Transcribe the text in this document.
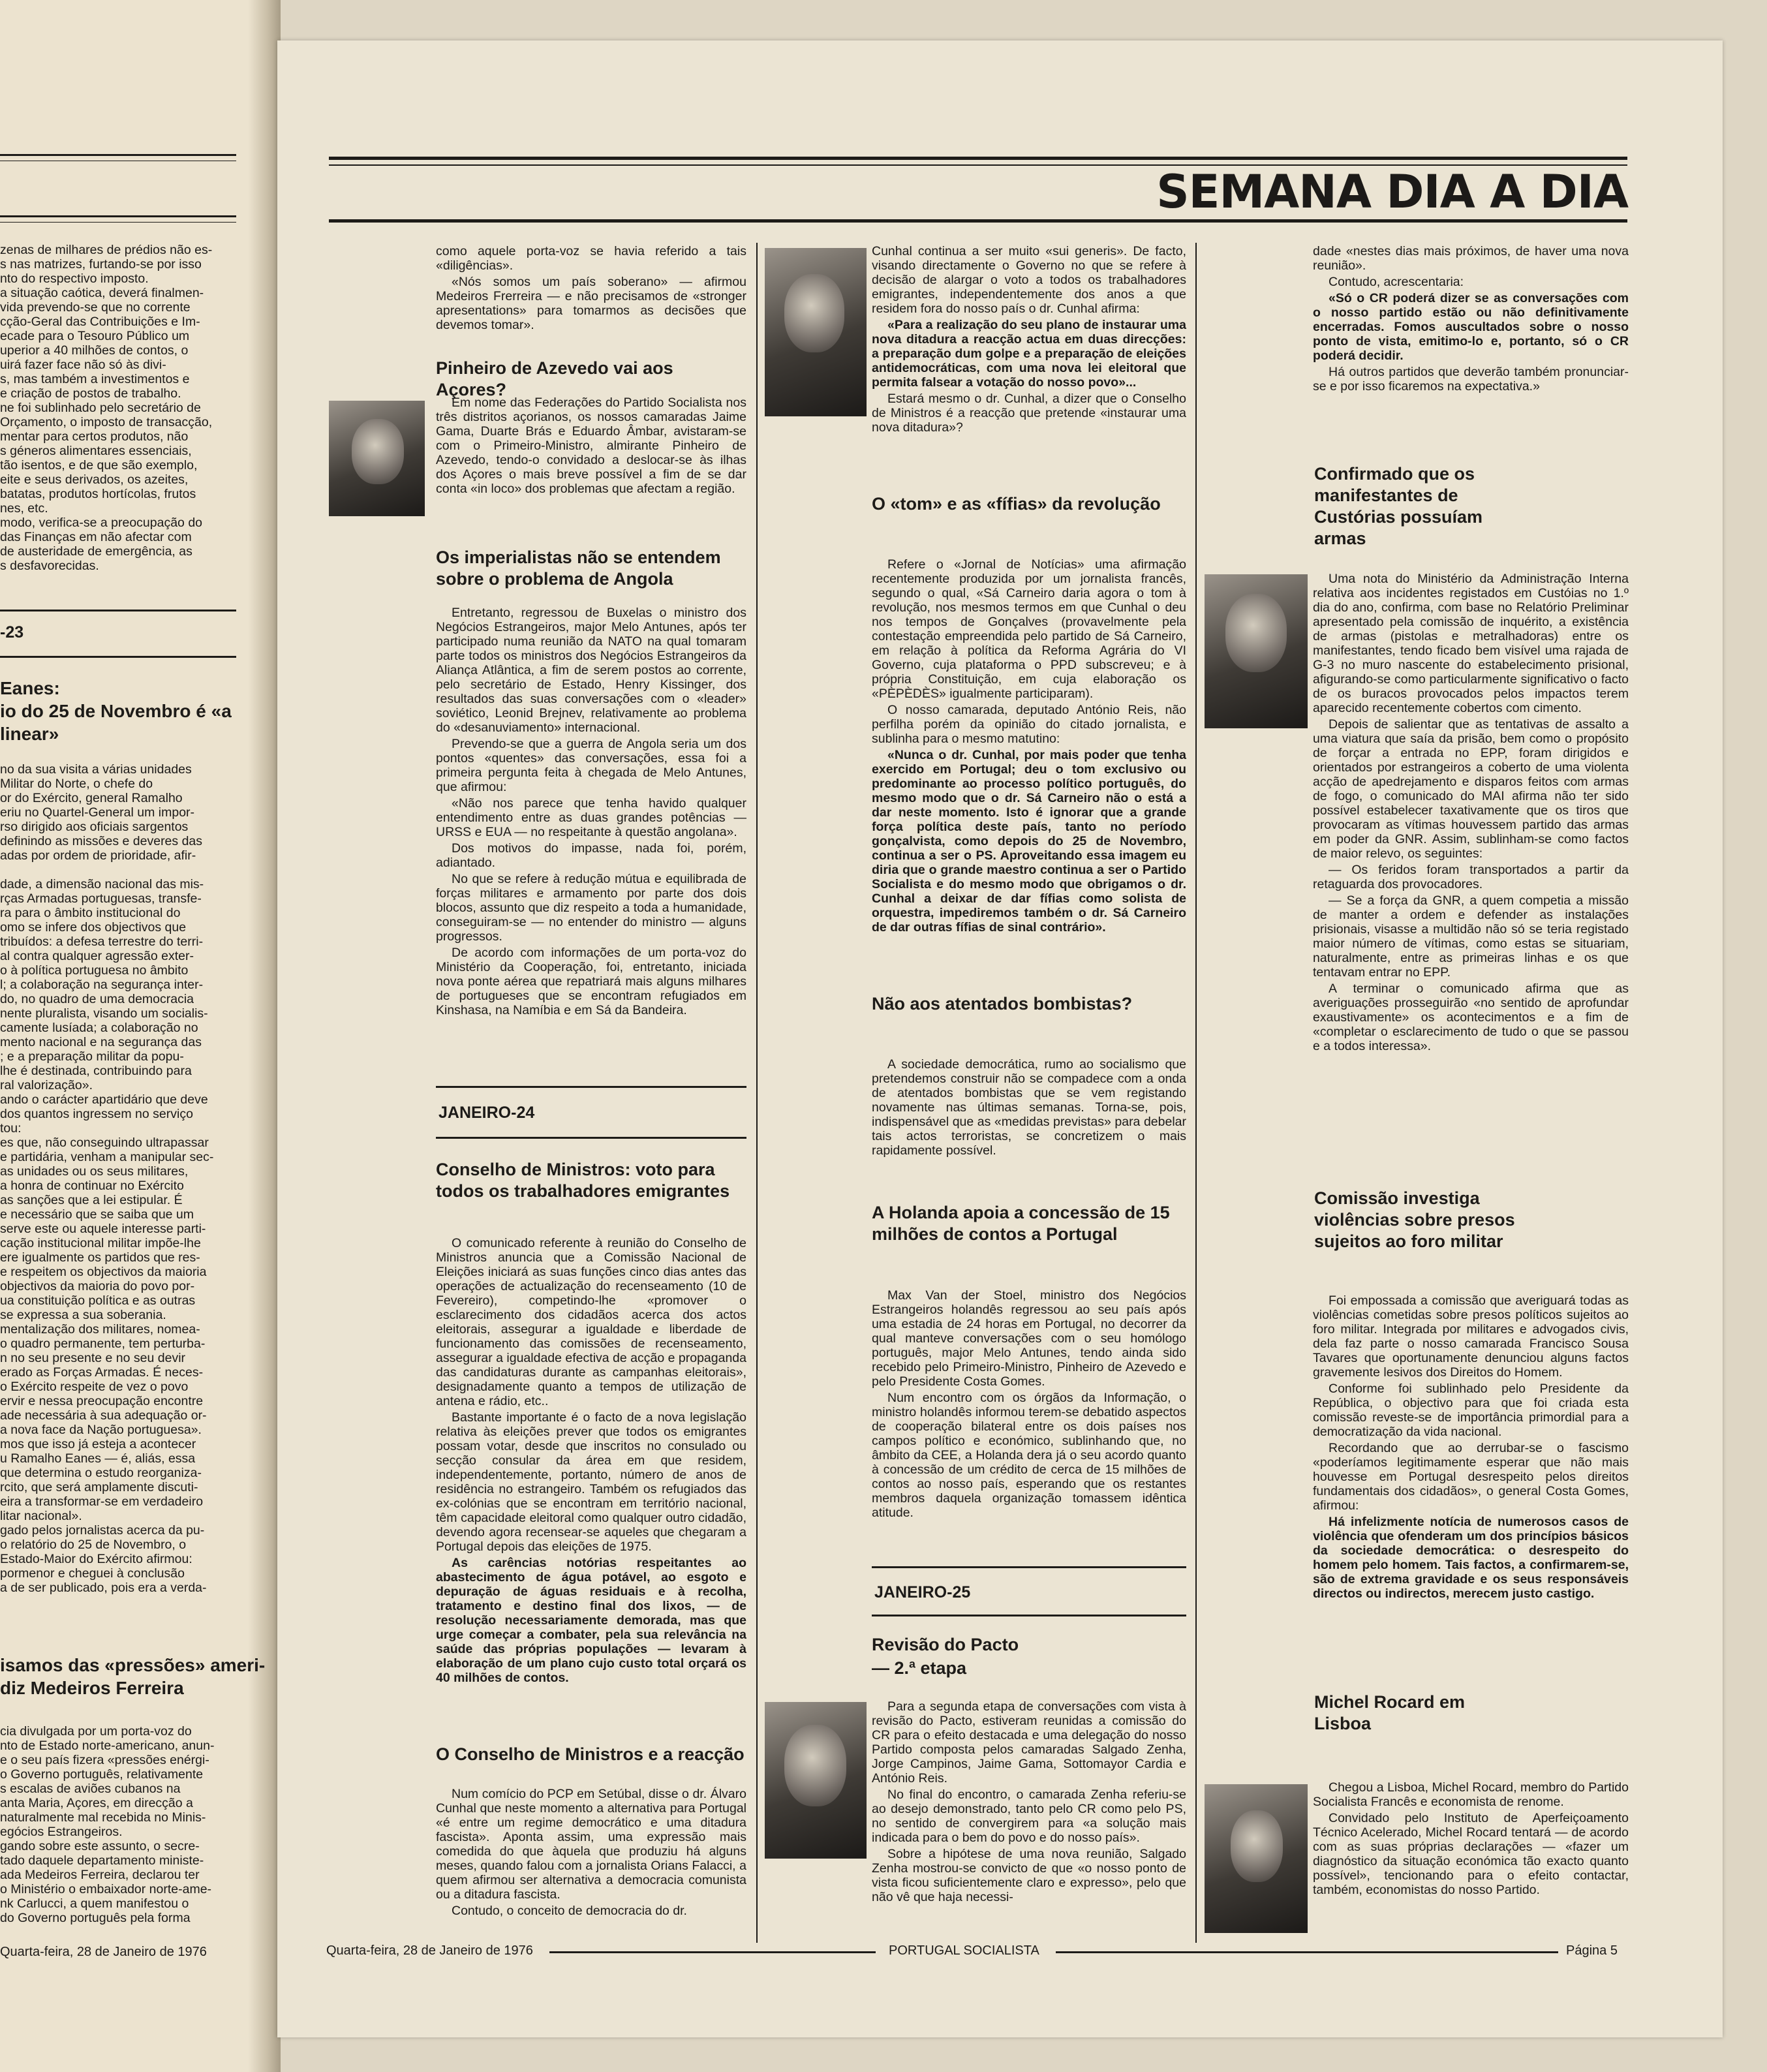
zenas de milhares de prédios não es-
s nas matrizes, furtando-se por isso
nto do respectivo imposto.
a situação caótica, deverá finalmen-
vida prevendo-se que no corrente
cção-Geral das Contribuições e Im-
ecade para o Tesouro Público um
uperior a 40 milhões de contos, o
uirá fazer face não só às divi-
s, mas também a investimentos e
e criação de postos de trabalho.
ne foi sublinhado pelo secretário de
Orçamento, o imposto de transacção,
mentar para certos produtos, não
s géneros alimentares essenciais,
tão isentos, e de que são exemplo,
eite e seus derivados, os azeites,
batatas, produtos hortícolas, frutos
nes, etc.
modo, verifica-se a preocupação do
das Finanças em não afectar com
de austeridade de emergência, as
s desfavorecidas.
-23
Eanes:
io do 25 de Novembro é «a
linear»
no da sua visita a várias unidades
Militar do Norte, o chefe do
or do Exército, general Ramalho
eriu no Quartel-General um impor-
rso dirigido aos oficiais sargentos
definindo as missões e deveres das
adas por ordem de prioridade, afir-
dade, a dimensão nacional das mis-
rças Armadas portuguesas, transfe-
ra para o âmbito institucional do
omo se infere dos objectivos que
tribuídos: a defesa terrestre do terri-
al contra qualquer agressão exter-
o à política portuguesa no âmbito
l; a colaboração na segurança inter-
do, no quadro de uma democracia
nente pluralista, visando um socialis-
camente lusíada; a colaboração no
mento nacional e na segurança das
; e a preparação militar da popu-
lhe é destinada, contribuindo para
ral valorização».
ando o carácter apartidário que deve
dos quantos ingressem no serviço
tou:
es que, não conseguindo ultrapassar
e partidária, venham a manipular sec-
as unidades ou os seus militares,
a honra de continuar no Exército
as sanções que a lei estipular. É
e necessário que se saiba que um
serve este ou aquele interesse parti-
cação institucional militar impõe-lhe
ere igualmente os partidos que res-
e respeitem os objectivos da maioria
objectivos da maioria do povo por-
ua constituição política e as outras
se expressa a sua soberania.
mentalização dos militares, nomea-
o quadro permanente, tem perturba-
n no seu presente e no seu devir
erado as Forças Armadas. É neces-
o Exército respeite de vez o povo
ervir e nessa preocupação encontre
ade necessária à sua adequação or-
a nova face da Nação portuguesa».
mos que isso já esteja a acontecer
u Ramalho Eanes — é, aliás, essa
que determina o estudo reorganiza-
rcito, que será amplamente discuti-
eira a transformar-se em verdadeiro
litar nacional».
gado pelos jornalistas acerca da pu-
o relatório do 25 de Novembro, o
Estado-Maior do Exército afirmou:
pormenor e cheguei à conclusão
a de ser publicado, pois era a verda-
isamos das «pressões» ameri-
diz Medeiros Ferreira
cia divulgada por um porta-voz do
nto de Estado norte-americano, anun-
e o seu país fizera «pressões enérgi-
o Governo português, relativamente
s escalas de aviões cubanos na
anta Maria, Açores, em direcção a
naturalmente mal recebida no Minis-
egócios Estrangeiros.
gando sobre este assunto, o secre-
tado daquele departamento ministe-
ada Medeiros Ferreira, declarou ter
o Ministério o embaixador norte-ame-
nk Carlucci, a quem manifestou o
do Governo português pela forma
Quarta-feira, 28 de Janeiro de 1976
SEMANA DIA A DIA

como aquele porta-voz se havia referido a tais «diligências».

«Nós somos um país soberano» — afirmou Medeiros Frerreira — e não precisamos de «stronger apresentations» para tomarmos as decisões que devemos tomar».

Pinheiro de Azevedo vai aos Açores?

Em nome das Federações do Partido Socialista nos três distritos açorianos, os nossos camaradas Jaime Gama, Duarte Brás e Eduardo Âmbar, avistaram-se com o Primeiro-Ministro, almirante Pinheiro de Azevedo, tendo-o convidado a deslocar-se às ilhas dos Açores o mais breve possível a fim de se dar conta «in loco» dos problemas que afectam a região.

Os imperialistas não se entendem sobre o problema de Angola

Entretanto, regressou de Buxelas o ministro dos Negócios Estrangeiros, major Melo Antunes, após ter participado numa reunião da NATO na qual tomaram parte todos os ministros dos Negócios Estrangeiros da Aliança Atlântica, a fim de serem postos ao corrente, pelo secretário de Estado, Henry Kissinger, dos resultados das suas conversações com o «leader» soviético, Leonid Brejnev, relativamente ao problema do «desanuviamento» internacional.

Prevendo-se que a guerra de Angola seria um dos pontos «quentes» das conversações, essa foi a primeira pergunta feita à chegada de Melo Antunes, que afirmou:

«Não nos parece que tenha havido qualquer entendimento entre as duas grandes potências — URSS e EUA — no respeitante à questão angolana».

Dos motivos do impasse, nada foi, porém, adiantado.

No que se refere à redução mútua e equilibrada de forças militares e armamento por parte dos dois blocos, assunto que diz respeito a toda a humanidade, conseguiram-se — no entender do ministro — alguns progressos.

De acordo com informações de um porta-voz do Ministério da Cooperação, foi, entretanto, iniciada nova ponte aérea que repatriará mais alguns milhares de portugueses que se encontram refugiados em Kinshasa, na Namíbia e em Sá da Bandeira.

JANEIRO-24
Conselho de Ministros: voto para todos os trabalhadores emigrantes

O comunicado referente à reunião do Conselho de Ministros anuncia que a Comissão Nacional de Eleições iniciará as suas funções cinco dias antes das operações de actualização do recenseamento (10 de Fevereiro), competindo-lhe «promover o esclarecimento dos cidadãos acerca dos actos eleitorais, assegurar a igualdade e liberdade de funcionamento das comissões de recenseamento, assegurar a igualdade efectiva de acção e propaganda das candidaturas durante as campanhas eleitorais», designadamente quanto a tempos de utilização de antena e rádio, etc..

Bastante importante é o facto de a nova legislação relativa às eleições prever que todos os emigrantes possam votar, desde que inscritos no consulado ou secção consular da área em que residem, independentemente, portanto, número de anos de residência no estrangeiro. Também os refugiados das ex-colónias que se encontram em território nacional, têm capacidade eleitoral como qualquer outro cidadão, devendo agora recensear-se aqueles que chegaram a Portugal depois das eleições de 1975.

As carências notórias respeitantes ao abastecimento de água potável, ao esgoto e depuração de águas residuais e à recolha, tratamento e destino final dos lixos, — de resolução necessariamente demorada, mas que urge começar a combater, pela sua relevância na saúde das próprias populações — levaram à elaboração de um plano cujo custo total orçará os 40 milhões de contos.

O Conselho de Ministros e a reacção

Num comício do PCP em Setúbal, disse o dr. Álvaro Cunhal que neste momento a alternativa para Portugal «é entre um regime democrático e uma ditadura fascista». Aponta assim, uma expressão mais comedida do que àquela que produziu há alguns meses, quando falou com a jornalista Orians Falacci, a quem afirmou ser alternativa a democracia comunista ou a ditadura fascista.

Contudo, o conceito de democracia do dr.

Cunhal continua a ser muito «sui generis». De facto, visando directamente o Governo no que se refere à decisão de alargar o voto a todos os trabalhadores emigrantes, independentemente dos anos a que residem fora do nosso país o dr. Cunhal afirma:

«Para a realização do seu plano de instaurar uma nova ditadura a reacção actua em duas direcções: a preparação dum golpe e a preparação de eleições antidemocráticas, com uma nova lei eleitoral que permita falsear a votação do nosso povo»...

Estará mesmo o dr. Cunhal, a dizer que o Conselho de Ministros é a reacção que pretende «instaurar uma nova ditadura»?

O «tom» e as «fífias» da revolução

Refere o «Jornal de Notícias» uma afirmação recentemente produzida por um jornalista francês, segundo o qual, «Sá Carneiro daria agora o tom à revolução, nos mesmos termos em que Cunhal o deu nos tempos de Gonçalves (provavelmente pela contestação empreendida pelo partido de Sá Carneiro, em relação à política da Reforma Agrária do VI Governo, cuja plataforma o PPD subscreveu; e à própria Constituição, em cuja elaboração os «PÈPÈDÈS» igualmente participaram).

O nosso camarada, deputado António Reis, não perfilha porém da opinião do citado jornalista, e sublinha para o mesmo matutino:

«Nunca o dr. Cunhal, por mais poder que tenha exercido em Portugal; deu o tom exclusivo ou predominante ao processo político português, do mesmo modo que o dr. Sá Carneiro não o está a dar neste momento. Isto é ignorar que a grande força política deste país, tanto no período gonçalvista, como depois do 25 de Novembro, continua a ser o PS. Aproveitando essa imagem eu diria que o grande maestro continua a ser o Partido Socialista e do mesmo modo que obrigamos o dr. Cunhal a deixar de dar fífias como solista de orquestra, impediremos também o dr. Sá Carneiro de dar outras fífias de sinal contrário».

Não aos atentados bombistas?

A sociedade democrática, rumo ao socialismo que pretendemos construir não se compadece com a onda de atentados bombistas que se vem registando novamente nas últimas semanas. Torna-se, pois, indispensável que as «medidas previstas» para debelar tais actos terroristas, se concretizem o mais rapidamente possível.

A Holanda apoia a concessão de 15 milhões de contos a Portugal

Max Van der Stoel, ministro dos Negócios Estrangeiros holandês regressou ao seu país após uma estadia de 24 horas em Portugal, no decorrer da qual manteve conversações com o seu homólogo português, major Melo Antunes, tendo ainda sido recebido pelo Primeiro-Ministro, Pinheiro de Azevedo e pelo Presidente Costa Gomes.

Num encontro com os órgãos da Informação, o ministro holandês informou terem-se debatido aspectos de cooperação bilateral entre os dois países nos campos político e económico, sublinhando que, no âmbito da CEE, a Holanda dera já o seu acordo quanto à concessão de um crédito de cerca de 15 milhões de contos ao nosso país, esperando que os restantes membros daquela organização tomassem idêntica atitude.

JANEIRO-25
Revisão do Pacto
— 2.ª etapa

Para a segunda etapa de conversações com vista à revisão do Pacto, estiveram reunidas a comissão do CR para o efeito destacada e uma delegação do nosso Partido composta pelos camaradas Salgado Zenha, Jorge Campinos, Jaime Gama, Sottomayor Cardia e António Reis.

No final do encontro, o camarada Zenha referiu-se ao desejo demonstrado, tanto pelo CR como pelo PS, no sentido de convergirem para «a solução mais indicada para o bem do povo e do nosso país».

Sobre a hipótese de uma nova reunião, Salgado Zenha mostrou-se convicto de que «o nosso ponto de vista ficou suficientemente claro e expresso», pelo que não vê que haja necessi-

dade «nestes dias mais próximos, de haver uma nova reunião».

Contudo, acrescentaria:

«Só o CR poderá dizer se as conversações com o nosso partido estão ou não definitivamente encerradas. Fomos auscultados sobre o nosso ponto de vista, emitimo-lo e, portanto, só o CR poderá decidir.

Há outros partidos que deverão também pronunciar-se e por isso ficaremos na expectativa.»

Confirmado que os manifestantes de Custórias possuíam armas

Uma nota do Ministério da Administração Interna relativa aos incidentes registados em Custóias no 1.º dia do ano, confirma, com base no Relatório Preliminar apresentado pela comissão de inquérito, a existência de armas (pistolas e metralhadoras) entre os manifestantes, tendo ficado bem visível uma rajada de G-3 no muro nascente do estabelecimento prisional, afigurando-se como particularmente significativo o facto de os buracos provocados pelos impactos terem aparecido recentemente cobertos com cimento.

Depois de salientar que as tentativas de assalto a uma viatura que saía da prisão, bem como o propósito de forçar a entrada no EPP, foram dirigidos e orientados por estrangeiros a coberto de uma violenta acção de apedrejamento e disparos feitos com armas de fogo, o comunicado do MAI afirma não ter sido possível estabelecer taxativamente que os tiros que provocaram as vítimas houvessem partido das armas em poder da GNR. Assim, sublinham-se como factos de maior relevo, os seguintes:

— Os feridos foram transportados a partir da retaguarda dos provocadores.

— Se a força da GNR, a quem competia a missão de manter a ordem e defender as instalações prisionais, visasse a multidão não só se teria registado maior número de vítimas, como estas se situariam, naturalmente, entre as primeiras linhas e os que tentavam entrar no EPP.

A terminar o comunicado afirma que as averiguações prosseguirão «no sentido de aprofundar exaustivamente» os acontecimentos e a fim de «completar o esclarecimento de tudo o que se passou e a todos interessa».

Comissão investiga violências sobre presos sujeitos ao foro militar

Foi empossada a comissão que averiguará todas as violências cometidas sobre presos políticos sujeitos ao foro militar. Integrada por militares e advogados civis, dela faz parte o nosso camarada Francisco Sousa Tavares que oportunamente denunciou alguns factos gravemente lesivos dos Direitos do Homem.

Conforme foi sublinhado pelo Presidente da República, o objectivo para que foi criada esta comissão reveste-se de importância primordial para a democratização da vida nacional.

Recordando que ao derrubar-se o fascismo «poderíamos legitimamente esperar que não mais houvesse em Portugal desrespeito pelos direitos fundamentais dos cidadãos», o general Costa Gomes, afirmou:

Há infelizmente notícia de numerosos casos de violência que ofenderam um dos princípios básicos da sociedade democrática: o desrespeito do homem pelo homem. Tais factos, a confirmarem-se, são de extrema gravidade e os seus responsáveis directos ou indirectos, merecem justo castigo.

Michel Rocard em Lisboa

Chegou a Lisboa, Michel Rocard, membro do Partido Socialista Francês e economista de renome.

Convidado pelo Instituto de Aperfeiçoamento Técnico Acelerado, Michel Rocard tentará — de acordo com as suas próprias declarações — «fazer um diagnóstico da situação económica tão exacto quanto possível», tencionando para o efeito contactar, também, economistas do nosso Partido.

Quarta-feira, 28 de Janeiro de 1976	PORTUGAL SOCIALISTA	Página 5
